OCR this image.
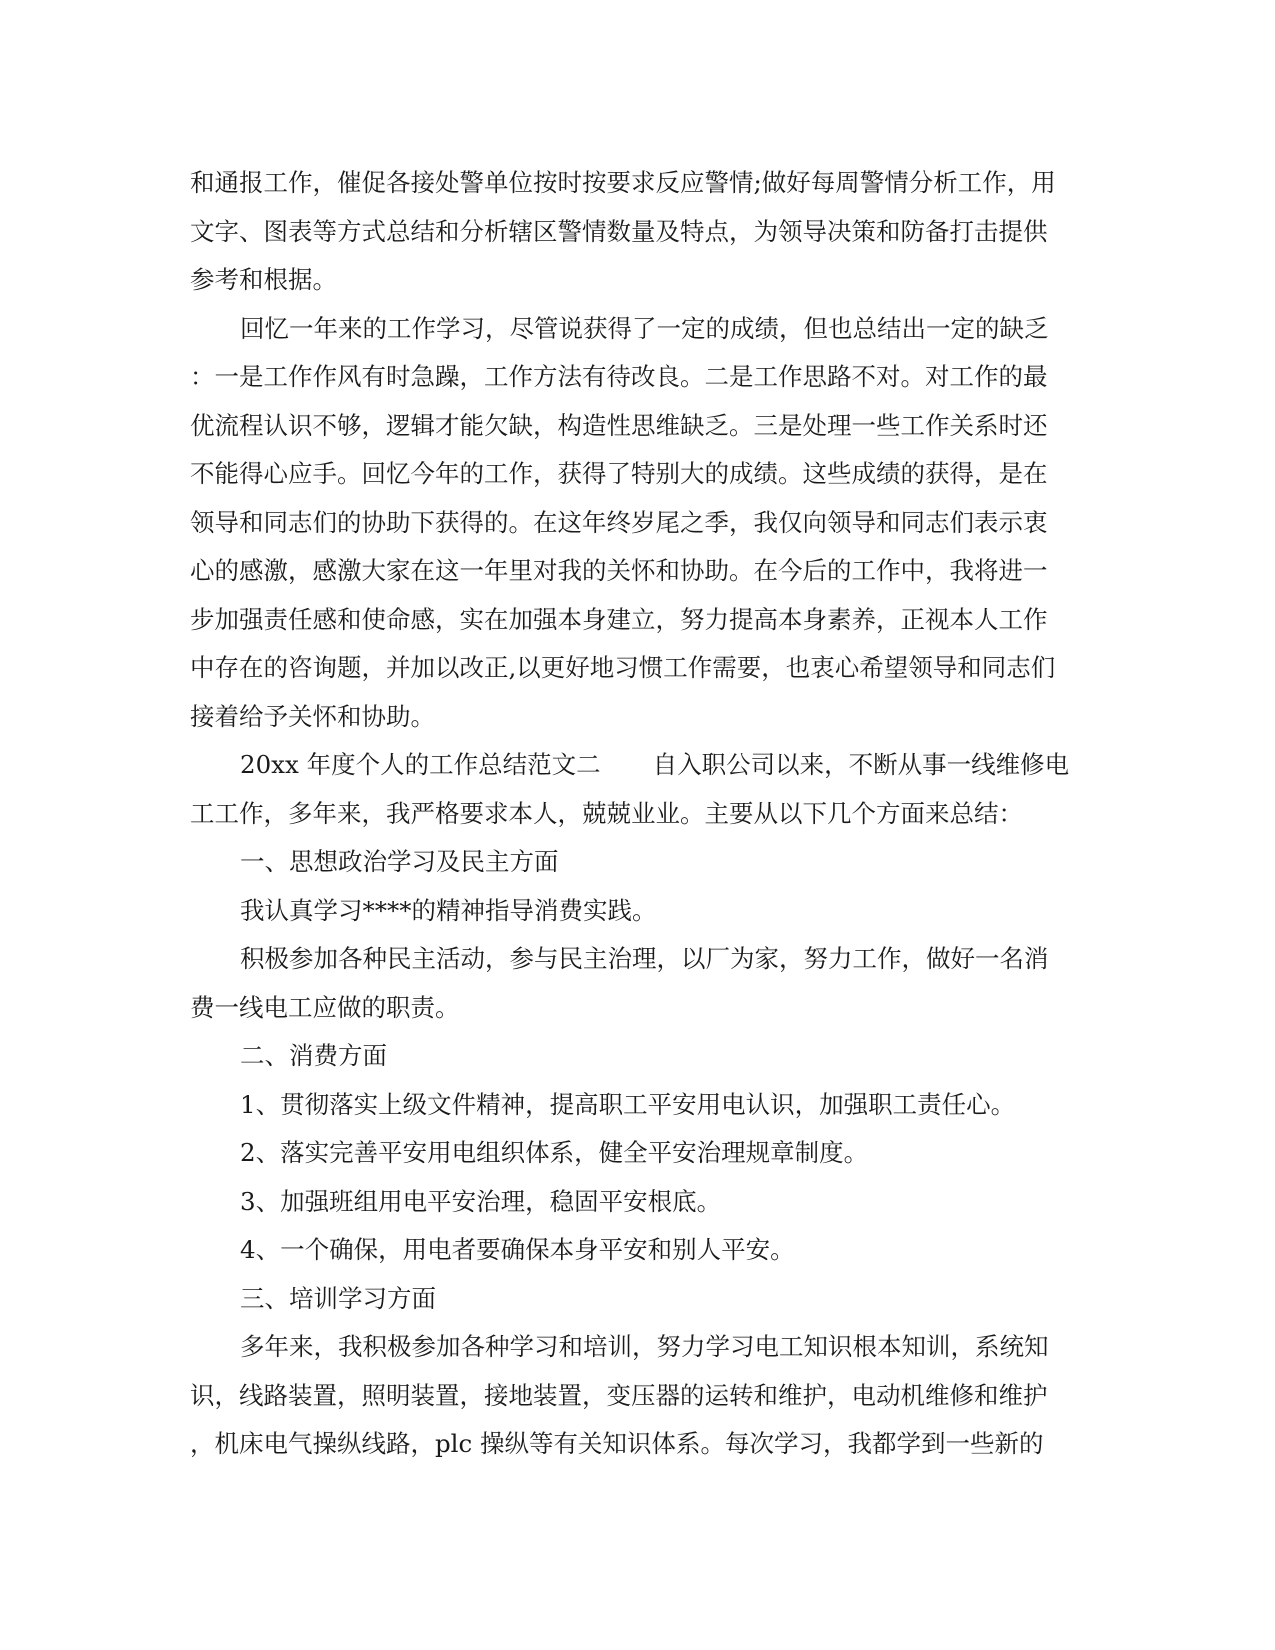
和通报工作，催促各接处警单位按时按要求反应警情;做好每周警情分析工作，用
文字、图表等方式总结和分析辖区警情数量及特点，为领导决策和防备打击提供
参考和根据。
回忆一年来的工作学习，尽管说获得了一定的成绩，但也总结出一定的缺乏
：一是工作作风有时急躁，工作方法有待改良。二是工作思路不对。对工作的最
优流程认识不够，逻辑才能欠缺，构造性思维缺乏。三是处理一些工作关系时还
不能得心应手。回忆今年的工作，获得了特别大的成绩。这些成绩的获得，是在
领导和同志们的协助下获得的。在这年终岁尾之季，我仅向领导和同志们表示衷
心的感激，感激大家在这一年里对我的关怀和协助。在今后的工作中，我将进一
步加强责任感和使命感，实在加强本身建立，努力提高本身素养，正视本人工作
中存在的咨询题，并加以改正,以更好地习惯工作需要，也衷心希望领导和同志们
接着给予关怀和协助。
20xx 年度个人的工作总结范文二 自入职公司以来，不断从事一线维修电
工工作，多年来，我严格要求本人，兢兢业业。主要从以下几个方面来总结：
一、思想政治学习及民主方面
我认真学习****的精神指导消费实践。
积极参加各种民主活动，参与民主治理，以厂为家，努力工作，做好一名消
费一线电工应做的职责。
二、消费方面
1、贯彻落实上级文件精神，提高职工平安用电认识，加强职工责任心。
2、落实完善平安用电组织体系，健全平安治理规章制度。
3、加强班组用电平安治理，稳固平安根底。
4、一个确保，用电者要确保本身平安和别人平安。
三、培训学习方面
多年来，我积极参加各种学习和培训，努力学习电工知识根本知训，系统知
识，线路装置，照明装置，接地装置，变压器的运转和维护，电动机维修和维护
，机床电气操纵线路，plc 操纵等有关知识体系。每次学习，我都学到一些新的
